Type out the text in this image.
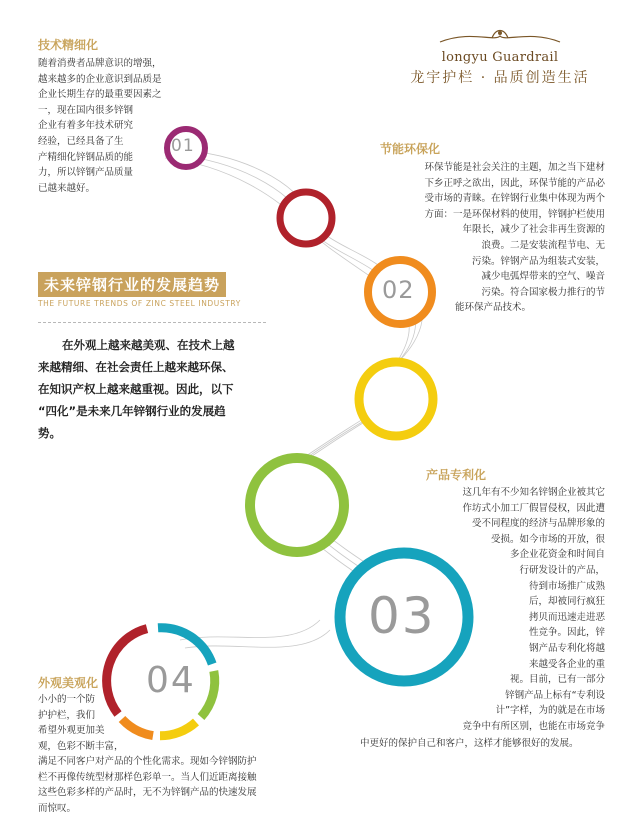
01
02
03
04
longyu Guardrail
龙宇护栏 · 品质创造生活
技术精细化
随着消费者品牌意识的增强，
越来越多的企业意识到品质是
企业长期生存的最重要因素之
一，现在国内很多锌钢
企业有着多年技术研究
经验，已经具备了生
产精细化锌钢品质的能
力，所以锌钢产品质量
已越来越好。
节能环保化
环保节能是社会关注的主题，加之当下建材
下乡正呼之欲出，因此，环保节能的产品必
受市场的青睐。在锌钢行业集中体现为两个
方面：一是环保材料的使用，锌钢护栏使用
年限长，减少了社会非再生资源的
浪费。二是安装流程节电、无
污染。锌钢产品为组装式安装，
减少电弧焊带来的空气、噪音
污染。符合国家极力推行的节
能环保产品技术。
未来锌钢行业的发展趋势
THE FUTURE TRENDS OF ZINC STEEL INDUSTRY
在外观上越来越美观、在技术上越
来越精细、在社会责任上越来越环保、
在知识产权上越来越重视。因此，以下
“四化”是未来几年锌钢行业的发展趋
势。
产品专利化
这几年有不少知名锌钢企业被其它
作坊式小加工厂假冒侵权，因此遭
受不同程度的经济与品牌形象的
受损。如今市场的开放，很
多企业花资金和时间自
行研发设计的产品，
待到市场推广成熟
后，却被同行疯狂
拷贝而迅速走进恶
性竞争。因此，锌
钢产品专利化将越
来越受各企业的重
视。目前，已有一部分
锌钢产品上标有“专利设
计”字样，为的就是在市场
竞争中有所区别，也能在市场竞争
中更好的保护自己和客户，这样才能够很好的发展。
外观美观化
小小的一个防
护护栏，我们
希望外观更加美
观，色彩不断丰富，
满足不同客户对产品的个性化需求。现如今锌钢防护
栏不再像传统型材那样色彩单一。当人们近距离接触
这些色彩多样的产品时，无不为锌钢产品的快速发展
而惊叹。
